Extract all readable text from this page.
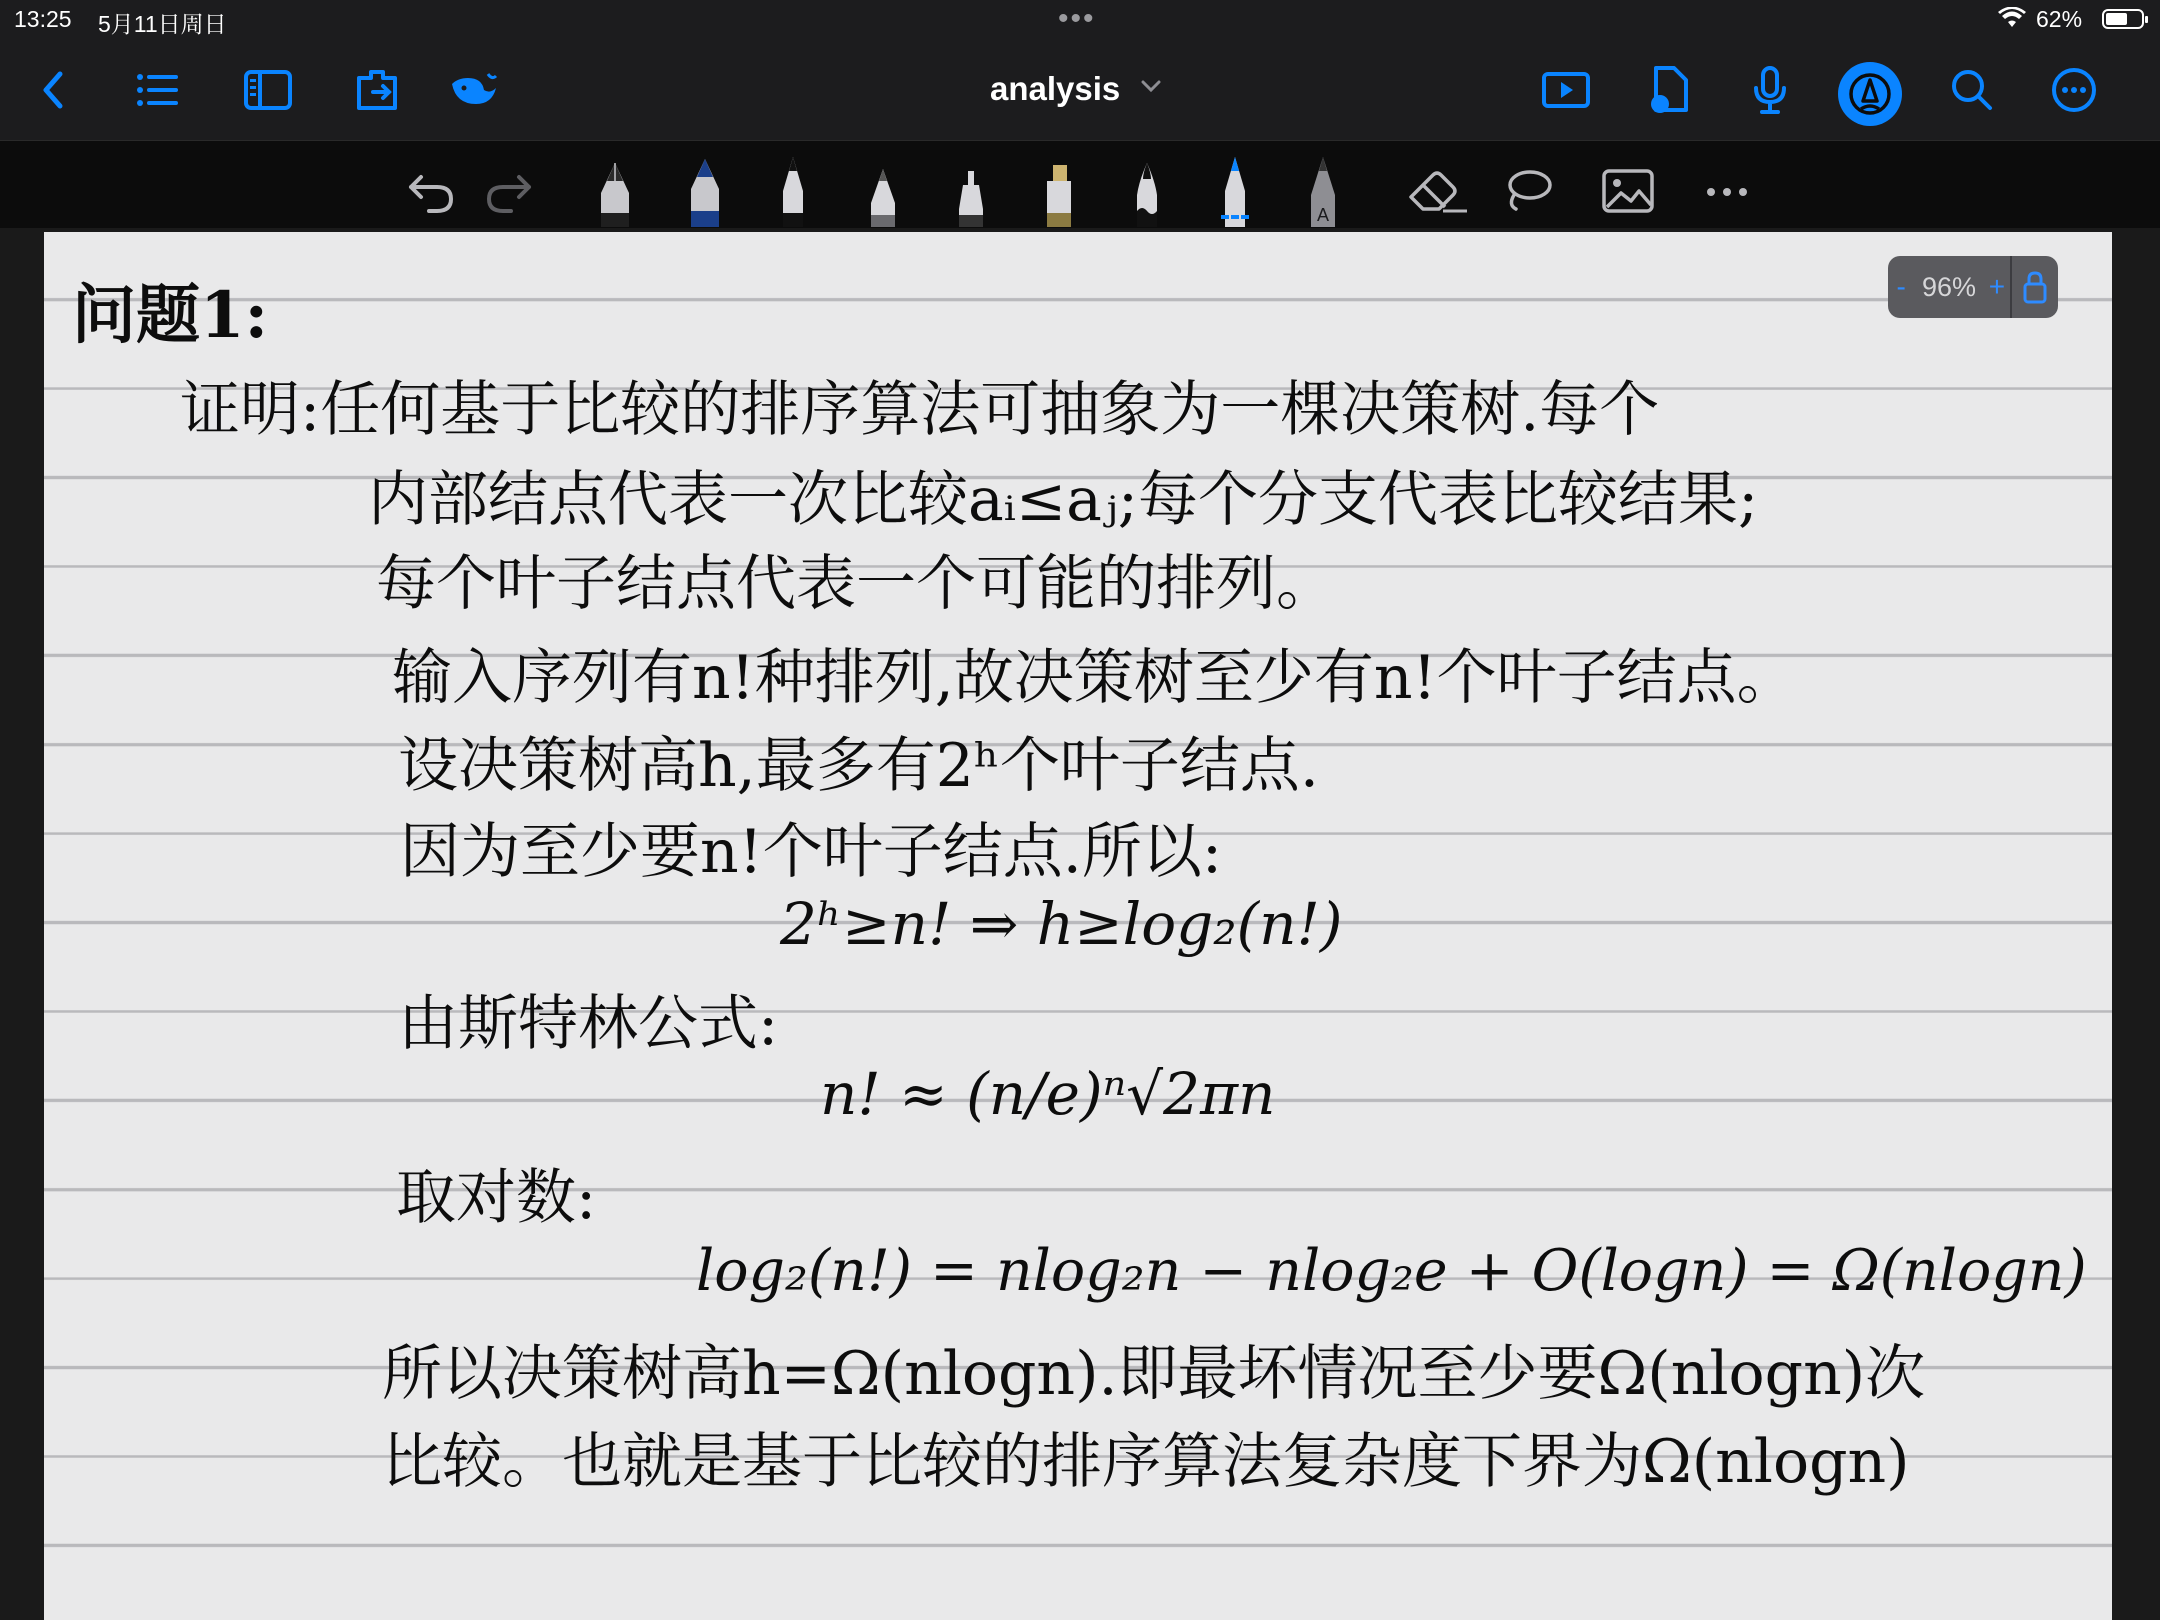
13:25 5月11日周日	•••	62%
analysis
A
- 96% +
问题1:
证明:任何基于比较的排序算法可抽象为一棵决策树.每个
内部结点代表一次比较aᵢ≤aⱼ;每个分支代表比较结果;
每个叶子结点代表一个可能的排列。
输入序列有n!种排列,故决策树至少有n!个叶子结点。
设决策树高h,最多有2ʰ个叶子结点.
因为至少要n!个叶子结点.所以:
2ʰ≥n! ⇒ h≥log₂(n!)
由斯特林公式:
n! ≈ (n/e)ⁿ√2πn
取对数:
log₂(n!) = nlog₂n − nlog₂e + O(logn) = Ω(nlogn)
所以决策树高h=Ω(nlogn).即最坏情况至少要Ω(nlogn)次
比较。也就是基于比较的排序算法复杂度下界为Ω(nlogn)
